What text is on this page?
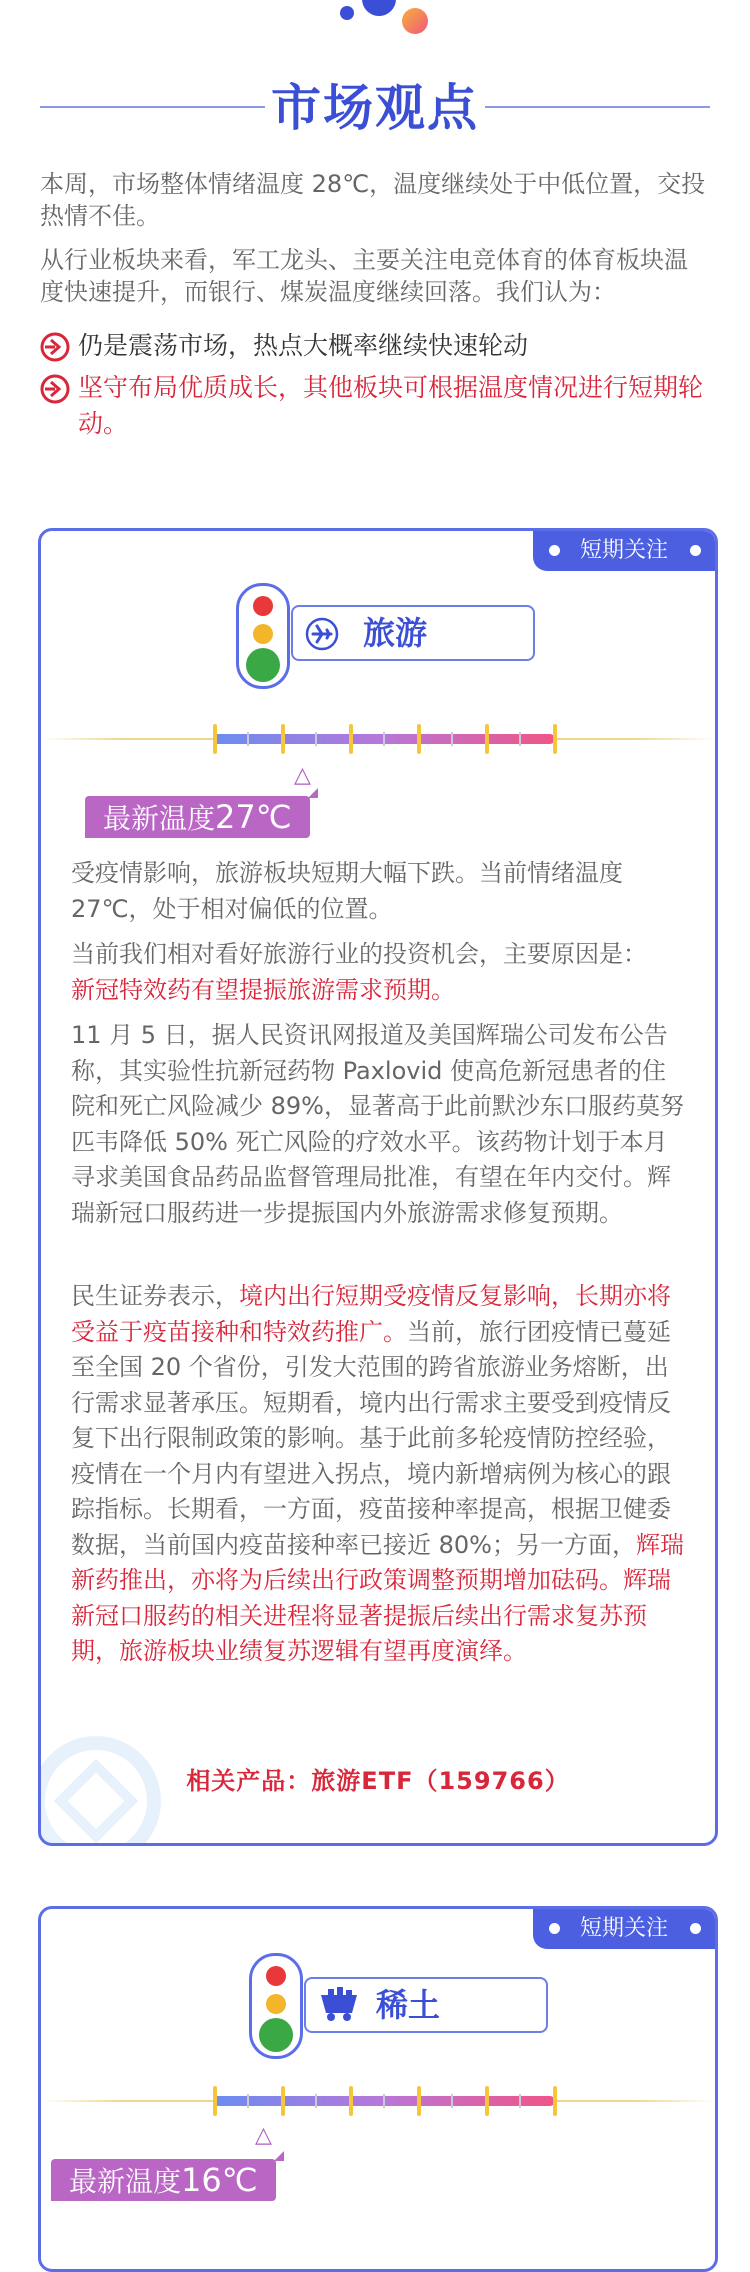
市场观点
本周，市场整体情绪温度 28℃，温度继续处于中低位置，交投热情不佳。
从行业板块来看，军工龙头、主要关注电竞体育的体育板块温度快速提升，而银行、煤炭温度继续回落。我们认为：
仍是震荡市场，热点大概率继续快速轮动
坚守布局优质成长，其他板块可根据温度情况进行短期轮动。
短期关注
旅游
△
最新温度27℃
受疫情影响，旅游板块短期大幅下跌。当前情绪温度 27℃，处于相对偏低的位置。
当前我们相对看好旅游行业的投资机会，主要原因是：
新冠特效药有望提振旅游需求预期。
11 月 5 日，据人民资讯网报道及美国辉瑞公司发布公告称，其实验性抗新冠药物 Paxlovid 使高危新冠患者的住院和死亡风险减少 89%，显著高于此前默沙东口服药莫努匹韦降低 50% 死亡风险的疗效水平。该药物计划于本月寻求美国食品药品监督管理局批准，有望在年内交付。辉瑞新冠口服药进一步提振国内外旅游需求修复预期。
民生证券表示，境内出行短期受疫情反复影响，长期亦将受益于疫苗接种和特效药推广。当前，旅行团疫情已蔓延至全国 20 个省份，引发大范围的跨省旅游业务熔断，出行需求显著承压。短期看，境内出行需求主要受到疫情反复下出行限制政策的影响。基于此前多轮疫情防控经验，疫情在一个月内有望进入拐点，境内新增病例为核心的跟踪指标。长期看，一方面，疫苗接种率提高，根据卫健委数据，当前国内疫苗接种率已接近 80%；另一方面，辉瑞新药推出，亦将为后续出行政策调整预期增加砝码。辉瑞新冠口服药的相关进程将显著提振后续出行需求复苏预期，旅游板块业绩复苏逻辑有望再度演绎。
相关产品：旅游ETF（159766）
短期关注
稀土
△
最新温度16℃
